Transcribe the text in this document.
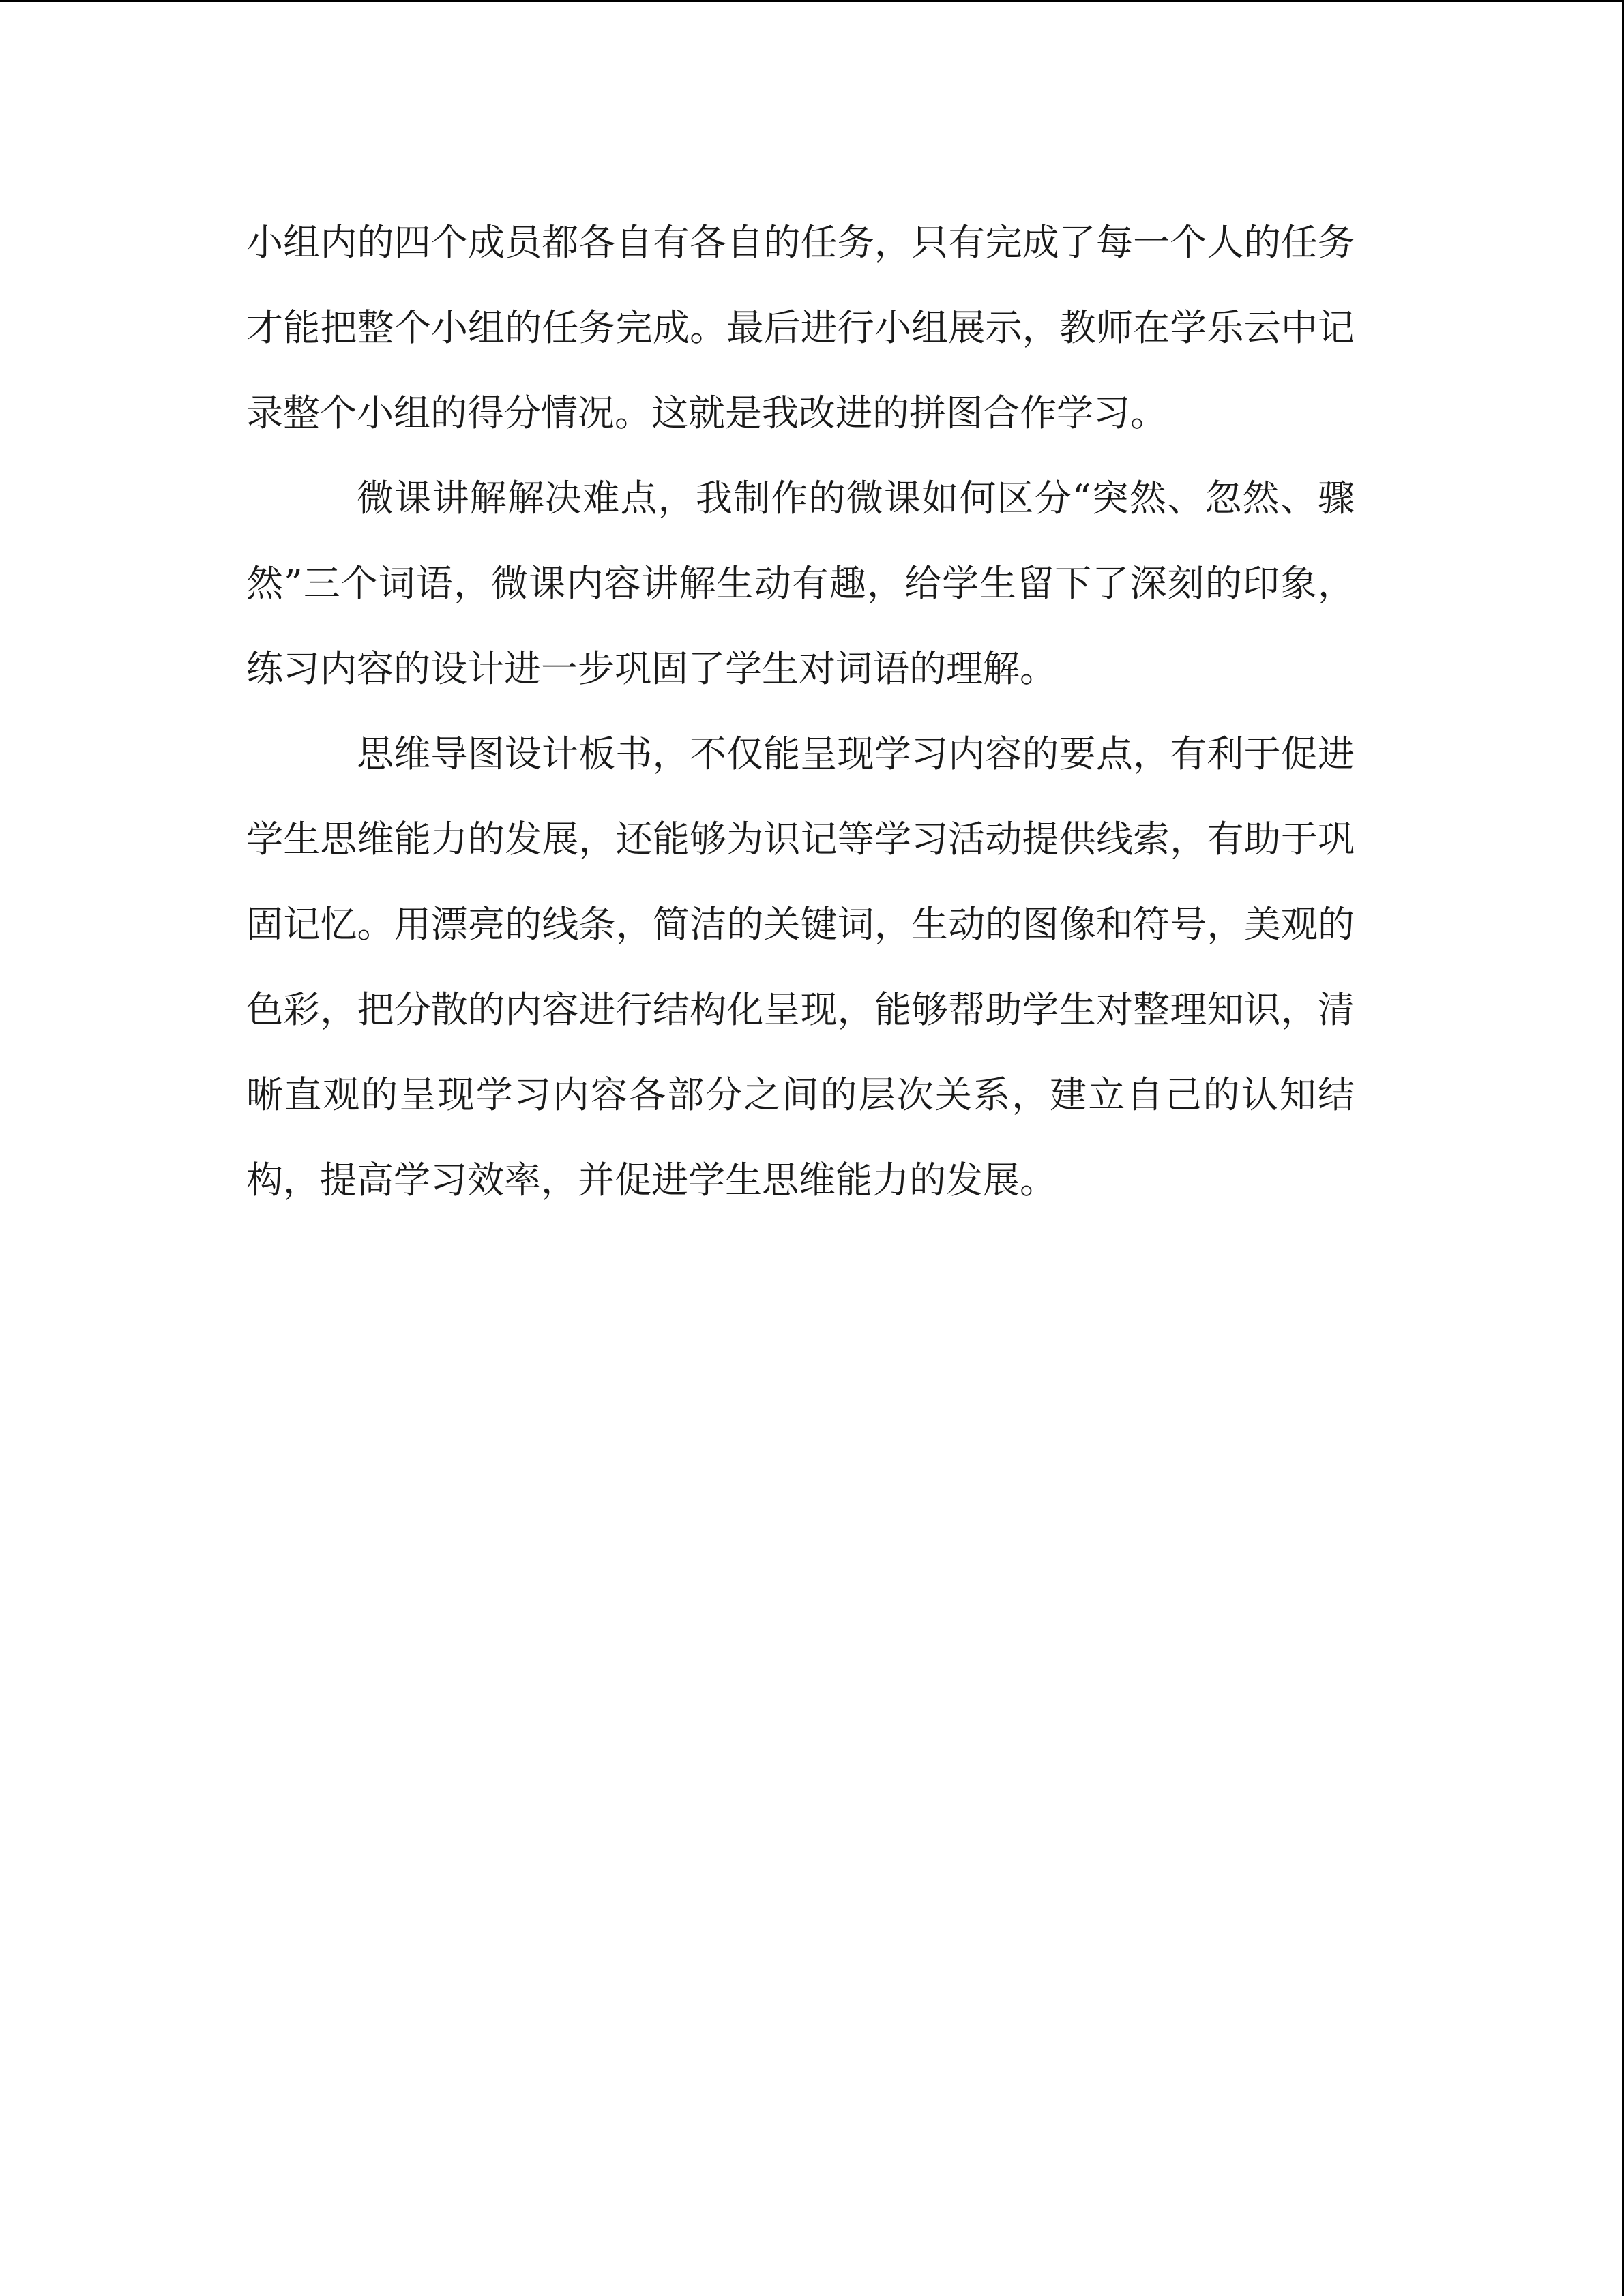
小组内的四个成员都各自有各自的任务，只有完成了每一个人的任务才能把整个小组的任务完成。最后进行小组展示，教师在学乐云中记录整个小组的得分情况。这就是我改进的拼图合作学习。

微课讲解解决难点，我制作的微课如何区分“突然、忽然、骤然”三个词语，微课内容讲解生动有趣，给学生留下了深刻的印象，练习内容的设计进一步巩固了学生对词语的理解。

思维导图设计板书，不仅能呈现学习内容的要点，有利于促进学生思维能力的发展，还能够为识记等学习活动提供线索，有助于巩固记忆。用漂亮的线条，简洁的关键词，生动的图像和符号，美观的色彩，把分散的内容进行结构化呈现，能够帮助学生对整理知识，清晰直观的呈现学习内容各部分之间的层次关系，建立自己的认知结构，提高学习效率，并促进学生思维能力的发展。
